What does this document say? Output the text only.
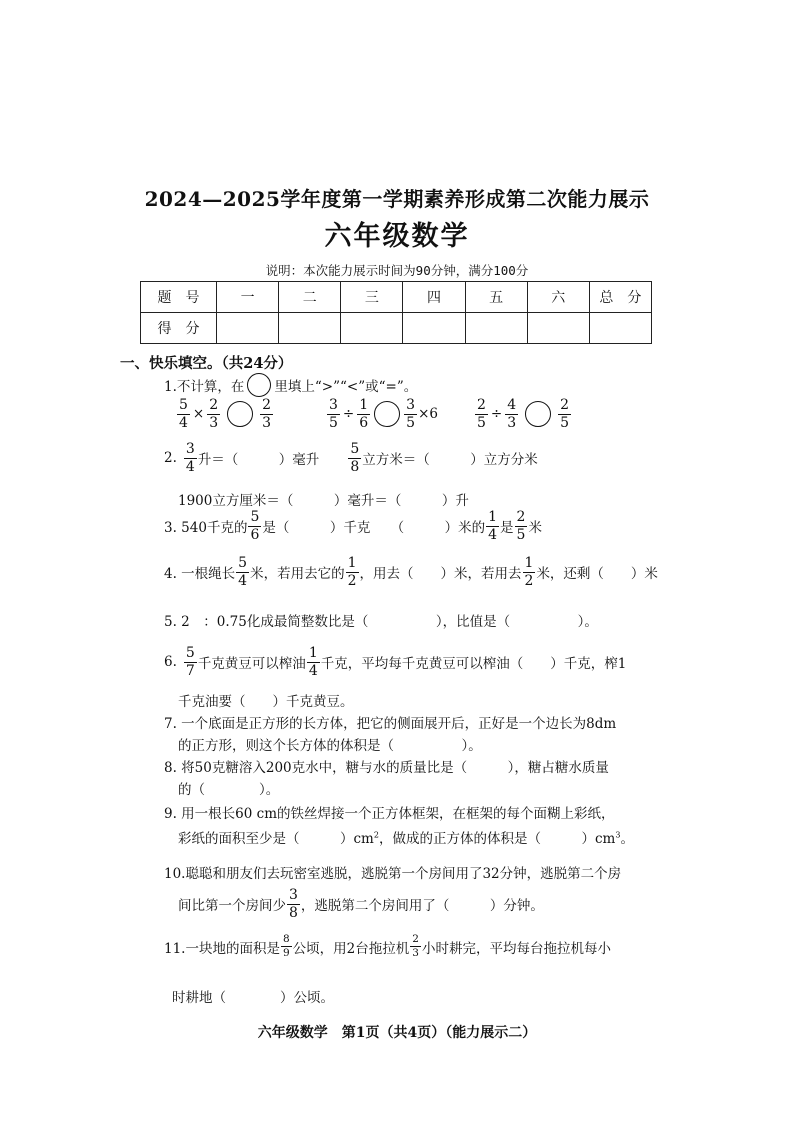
2024—2025学年度第一学期素养形成第二次能力展示
六年级数学
说明：本次能力展示时间为90分钟，满分100分
题　号	一	二	三	四	五	六	总　分
得　分							
一、快乐填空。（共24分）
1.不计算，在 里填上“>”“<”或“=”。
$\frac{5}{4} \times \frac{2}{3}$	$\frac{2}{3}$	$\frac{3}{5} \div \frac{1}{6} \frac{3}{5} \times 6$	$\frac{2}{5} \div \frac{4}{3}$	$\frac{2}{5}$
2. $\frac{3}{4}$ 升＝（　　　）毫升 $\frac{5}{8}$ 立方米＝（　　　）立方分米
1900立方厘米＝（　　　）毫升＝（　　　）升
3. 540千克的 $\frac{5}{6}$ 是（　　　）千克　　（　　　）米的 $\frac{1}{4}$ 是 $\frac{2}{5}$ 米
4. 一根绳长 $\frac{5}{4}$ 米，若用去它的 $\frac{1}{2}$ ，用去（　　）米，若用去 $\frac{1}{2}$ 米，还剩（　　）米
5. 2　：0.75化成最简整数比是（　　　　　），比值是（　　　　　）。
6. $\frac{5}{7}$ 千克黄豆可以榨油 $\frac{1}{4}$ 千克，平均每千克黄豆可以榨油（　　）千克，榨1
千克油要（　　）千克黄豆。
7. 一个底面是正方形的长方体，把它的侧面展开后，正好是一个边长为8dm
的正方形，则这个长方体的体积是（　　　　　）。
8. 将50克糖溶入200克水中，糖与水的质量比是（　　　），糖占糖水质量
的（　　　　）。
9. 用一根长60 cm的铁丝焊接一个正方体框架，在框架的每个面糊上彩纸，
彩纸的面积至少是（　　　）$cm^2$，做成的正方体的体积是（　　　）$cm^3$。
10.聪聪和朋友们去玩密室逃脱，逃脱第一个房间用了32分钟，逃脱第二个房
间比第一个房间少 $\frac{3}{8}$ ，逃脱第二个房间用了（　　　）分钟。
11.一块地的面积是 $\frac{8}{9}$ 公顷，用2台拖拉机 $\frac{2}{3}$ 小时耕完，平均每台拖拉机每小
时耕地（　　　　）公顷。
六年级数学　第1页（共4页）（能力展示二）
